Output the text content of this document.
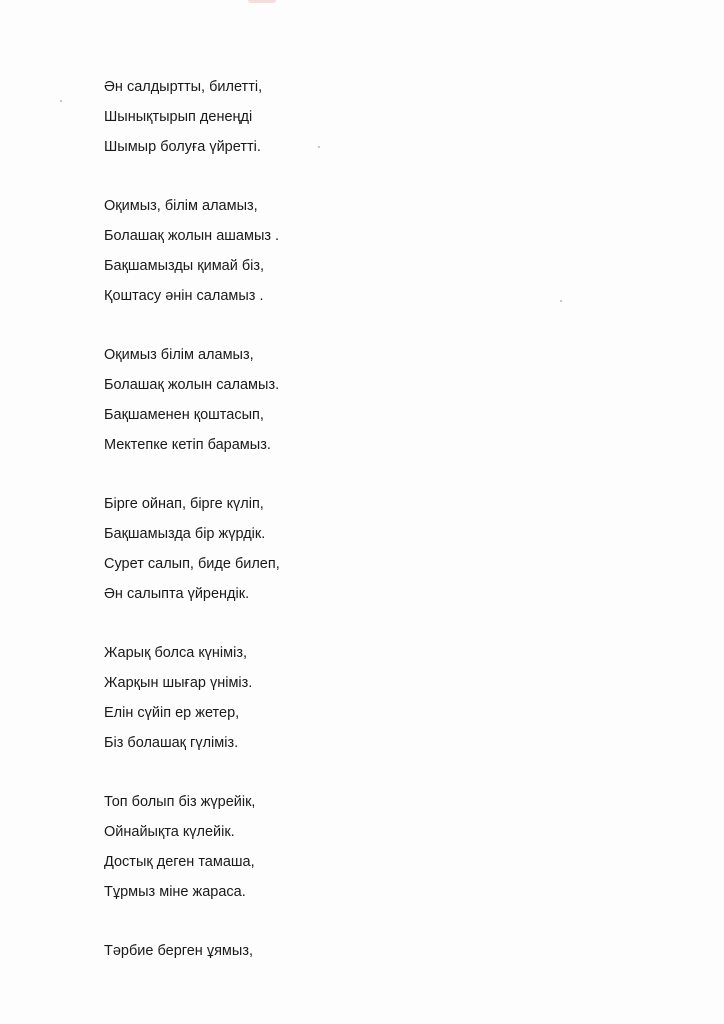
Ән салдыртты, билетті,
Шынықтырып денеңді
Шымыр болуға үйретті.
Оқимыз, білім аламыз,
Болашақ жолын ашамыз .
Бақшамызды қимай біз,
Қоштасу әнін саламыз .
Оқимыз білім аламыз,
Болашақ жолын саламыз.
Бақшаменен қоштасып,
Мектепке кетіп барамыз.
Бірге ойнап, бірге күліп,
Бақшамызда бір жүрдік.
Сурет салып, биде билеп,
Ән салыпта үйрендік.
Жарық болса күніміз,
Жарқын шығар үніміз.
Елін сүйіп ер жетер,
Біз болашақ гүліміз.
Топ болып біз жүрейік,
Ойнайықта күлейік.
Достық деген тамаша,
Тұрмыз міне жараса.
Тәрбие берген ұямыз,
